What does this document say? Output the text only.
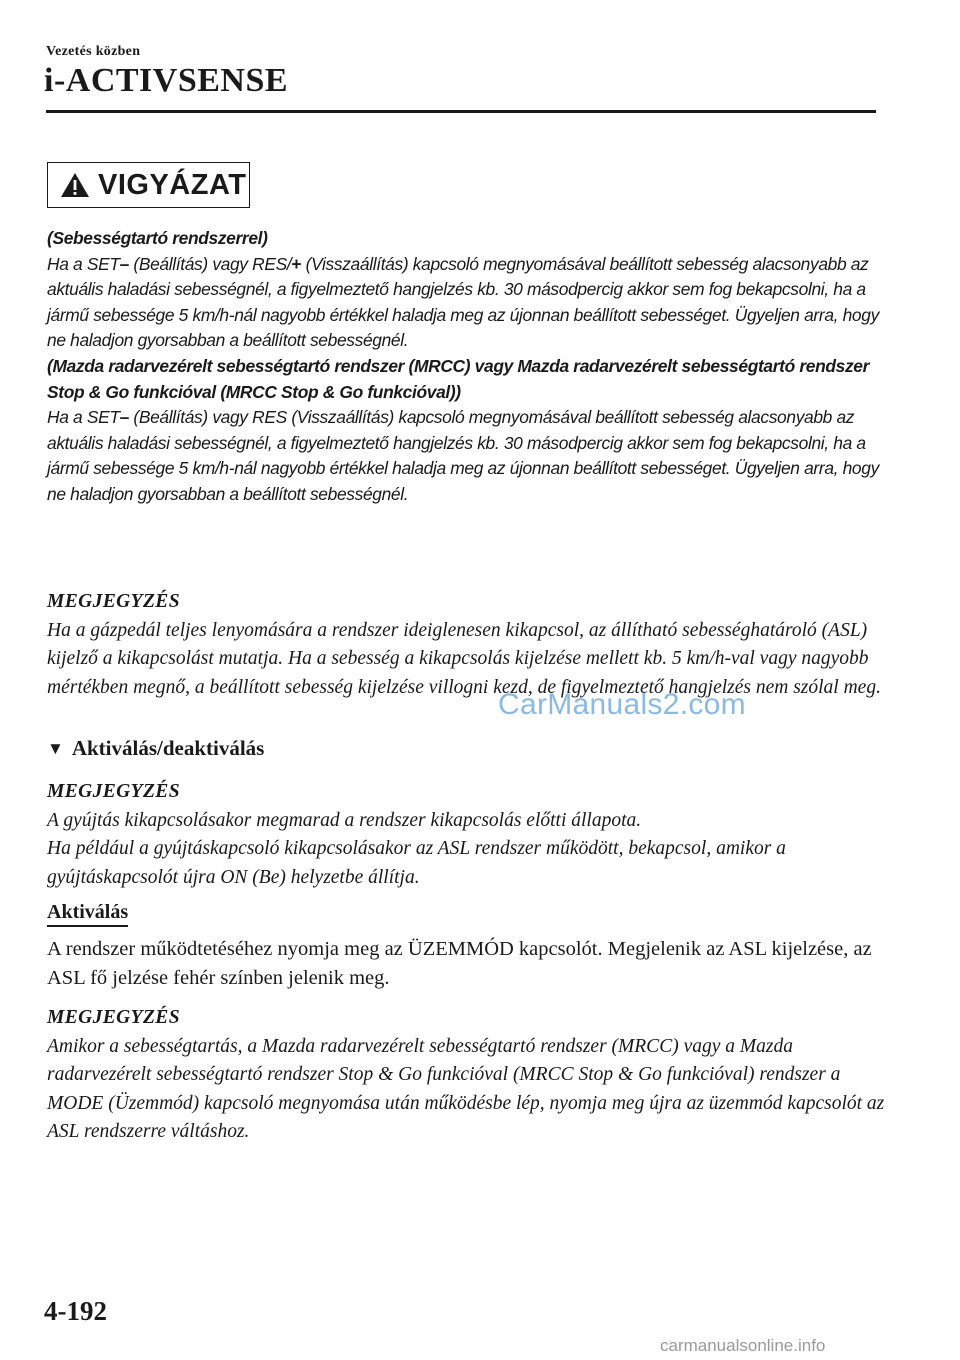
Vezetés közben
i-ACTIVSENSE
VIGYÁZAT

(Sebességtartó rendszerrel)

Ha a SET– (Beállítás) vagy RES/+ (Visszaállítás) kapcsoló megnyomásával beállított sebesség alacsonyabb az aktuális haladási sebességnél, a figyelmeztető hangjelzés kb. 30 másodpercig akkor sem fog bekapcsolni, ha a jármű sebessége 5 km/h-nál nagyobb értékkel haladja meg az újonnan beállított sebességet. Ügyeljen arra, hogy ne haladjon gyorsabban a beállított sebességnél.

(Mazda radarvezérelt sebességtartó rendszer (MRCC) vagy Mazda radarvezérelt sebességtartó rendszer Stop & Go funkcióval (MRCC Stop & Go funkcióval))

Ha a SET– (Beállítás) vagy RES (Visszaállítás) kapcsoló megnyomásával beállított sebesség alacsonyabb az aktuális haladási sebességnél, a figyelmeztető hangjelzés kb. 30 másodpercig akkor sem fog bekapcsolni, ha a jármű sebessége 5 km/h-nál nagyobb értékkel haladja meg az újonnan beállított sebességet. Ügyeljen arra, hogy ne haladjon gyorsabban a beállított sebességnél.

MEGJEGYZÉS

Ha a gázpedál teljes lenyomására a rendszer ideiglenesen kikapcsol, az állítható sebességhatároló (ASL) kijelző a kikapcsolást mutatja. Ha a sebesség a kikapcsolás kijelzése mellett kb. 5 km/h-val vagy nagyobb mértékben megnő, a beállított sebesség kijelzése villogni kezd, de figyelmeztető hangjelzés nem szólal meg.

CarManuals2.com
▼ Aktiválás/deaktiválás

MEGJEGYZÉS

A gyújtás kikapcsolásakor megmarad a rendszer kikapcsolás előtti állapota.

Ha például a gyújtáskapcsoló kikapcsolásakor az ASL rendszer működött, bekapcsol, amikor a gyújtáskapcsolót újra ON (Be) helyzetbe állítja.

Aktiválás

A rendszer működtetéséhez nyomja meg az ÜZEMMÓD kapcsolót. Megjelenik az ASL kijelzése, az ASL fő jelzése fehér színben jelenik meg.

MEGJEGYZÉS

Amikor a sebességtartás, a Mazda radarvezérelt sebességtartó rendszer (MRCC) vagy a Mazda radarvezérelt sebességtartó rendszer Stop & Go funkcióval (MRCC Stop & Go funkcióval) rendszer a MODE (Üzemmód) kapcsoló megnyomása után működésbe lép, nyomja meg újra az üzemmód kapcsolót az ASL rendszerre váltáshoz.

4-192
carmanualsonline.info
